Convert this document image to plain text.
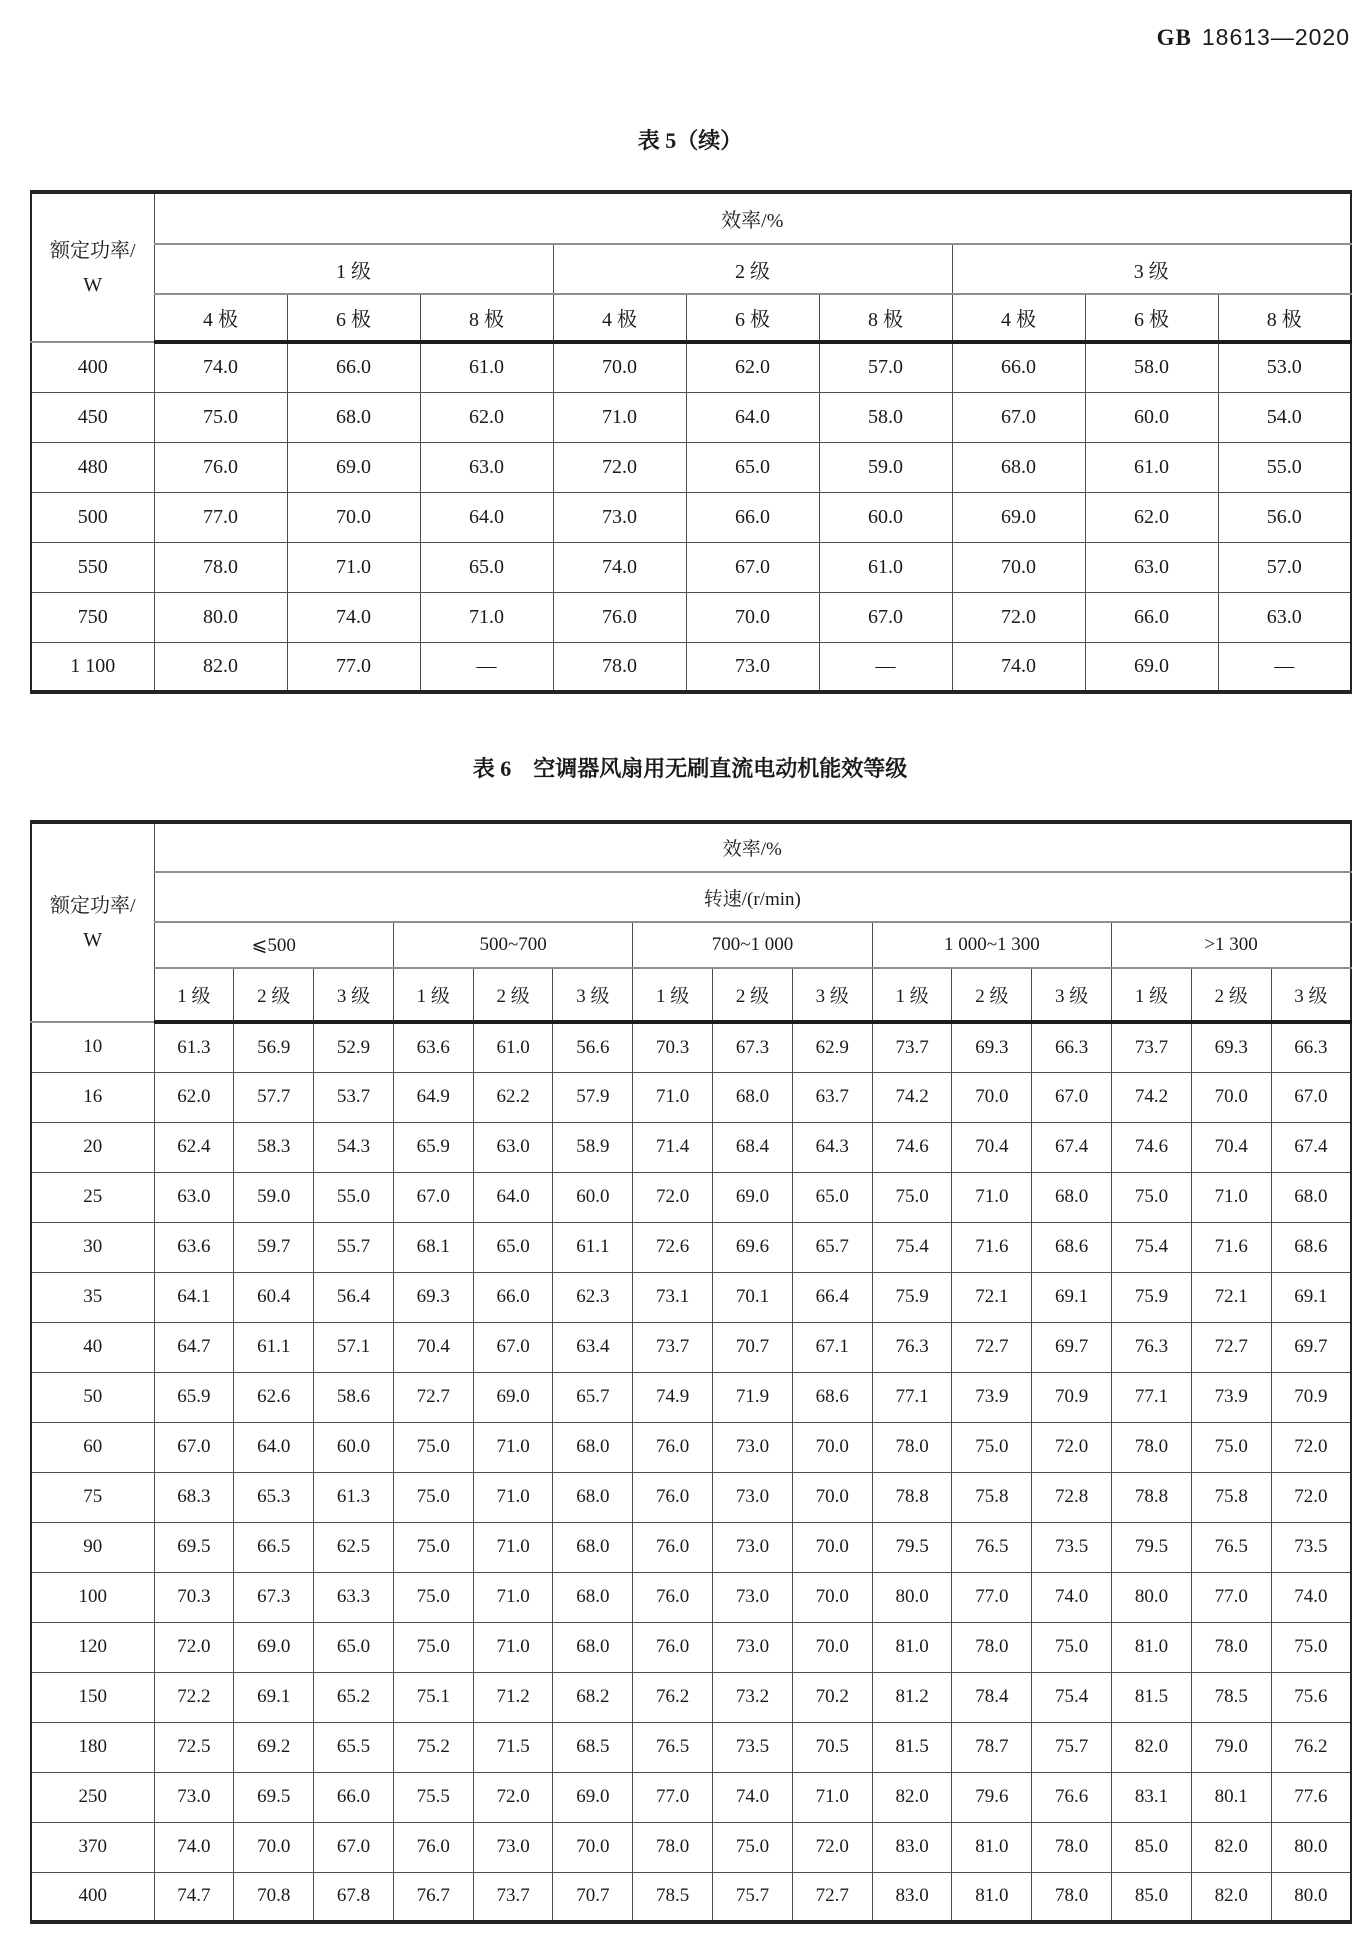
GB 18613—2020
表 5（续）
额定功率/
W	效率/%								
	1 级			2 级			3 级		
	4 极	6 极	8 极	4 极	6 极	8 极	4 极	6 极	8 极
400	74.0	66.0	61.0	70.0	62.0	57.0	66.0	58.0	53.0
450	75.0	68.0	62.0	71.0	64.0	58.0	67.0	60.0	54.0
480	76.0	69.0	63.0	72.0	65.0	59.0	68.0	61.0	55.0
500	77.0	70.0	64.0	73.0	66.0	60.0	69.0	62.0	56.0
550	78.0	71.0	65.0	74.0	67.0	61.0	70.0	63.0	57.0
750	80.0	74.0	71.0	76.0	70.0	67.0	72.0	66.0	63.0
1 100	82.0	77.0	—	78.0	73.0	—	74.0	69.0	—
表 6　空调器风扇用无刷直流电动机能效等级
额定功率/
W	效率/%														
	转速/(r/min)														
	⩽500			500~700			700~1 000			1 000~1 300			>1 300		
	1 级	2 级	3 级	1 级	2 级	3 级	1 级	2 级	3 级	1 级	2 级	3 级	1 级	2 级	3 级
10	61.3	56.9	52.9	63.6	61.0	56.6	70.3	67.3	62.9	73.7	69.3	66.3	73.7	69.3	66.3
16	62.0	57.7	53.7	64.9	62.2	57.9	71.0	68.0	63.7	74.2	70.0	67.0	74.2	70.0	67.0
20	62.4	58.3	54.3	65.9	63.0	58.9	71.4	68.4	64.3	74.6	70.4	67.4	74.6	70.4	67.4
25	63.0	59.0	55.0	67.0	64.0	60.0	72.0	69.0	65.0	75.0	71.0	68.0	75.0	71.0	68.0
30	63.6	59.7	55.7	68.1	65.0	61.1	72.6	69.6	65.7	75.4	71.6	68.6	75.4	71.6	68.6
35	64.1	60.4	56.4	69.3	66.0	62.3	73.1	70.1	66.4	75.9	72.1	69.1	75.9	72.1	69.1
40	64.7	61.1	57.1	70.4	67.0	63.4	73.7	70.7	67.1	76.3	72.7	69.7	76.3	72.7	69.7
50	65.9	62.6	58.6	72.7	69.0	65.7	74.9	71.9	68.6	77.1	73.9	70.9	77.1	73.9	70.9
60	67.0	64.0	60.0	75.0	71.0	68.0	76.0	73.0	70.0	78.0	75.0	72.0	78.0	75.0	72.0
75	68.3	65.3	61.3	75.0	71.0	68.0	76.0	73.0	70.0	78.8	75.8	72.8	78.8	75.8	72.0
90	69.5	66.5	62.5	75.0	71.0	68.0	76.0	73.0	70.0	79.5	76.5	73.5	79.5	76.5	73.5
100	70.3	67.3	63.3	75.0	71.0	68.0	76.0	73.0	70.0	80.0	77.0	74.0	80.0	77.0	74.0
120	72.0	69.0	65.0	75.0	71.0	68.0	76.0	73.0	70.0	81.0	78.0	75.0	81.0	78.0	75.0
150	72.2	69.1	65.2	75.1	71.2	68.2	76.2	73.2	70.2	81.2	78.4	75.4	81.5	78.5	75.6
180	72.5	69.2	65.5	75.2	71.5	68.5	76.5	73.5	70.5	81.5	78.7	75.7	82.0	79.0	76.2
250	73.0	69.5	66.0	75.5	72.0	69.0	77.0	74.0	71.0	82.0	79.6	76.6	83.1	80.1	77.6
370	74.0	70.0	67.0	76.0	73.0	70.0	78.0	75.0	72.0	83.0	81.0	78.0	85.0	82.0	80.0
400	74.7	70.8	67.8	76.7	73.7	70.7	78.5	75.7	72.7	83.0	81.0	78.0	85.0	82.0	80.0
